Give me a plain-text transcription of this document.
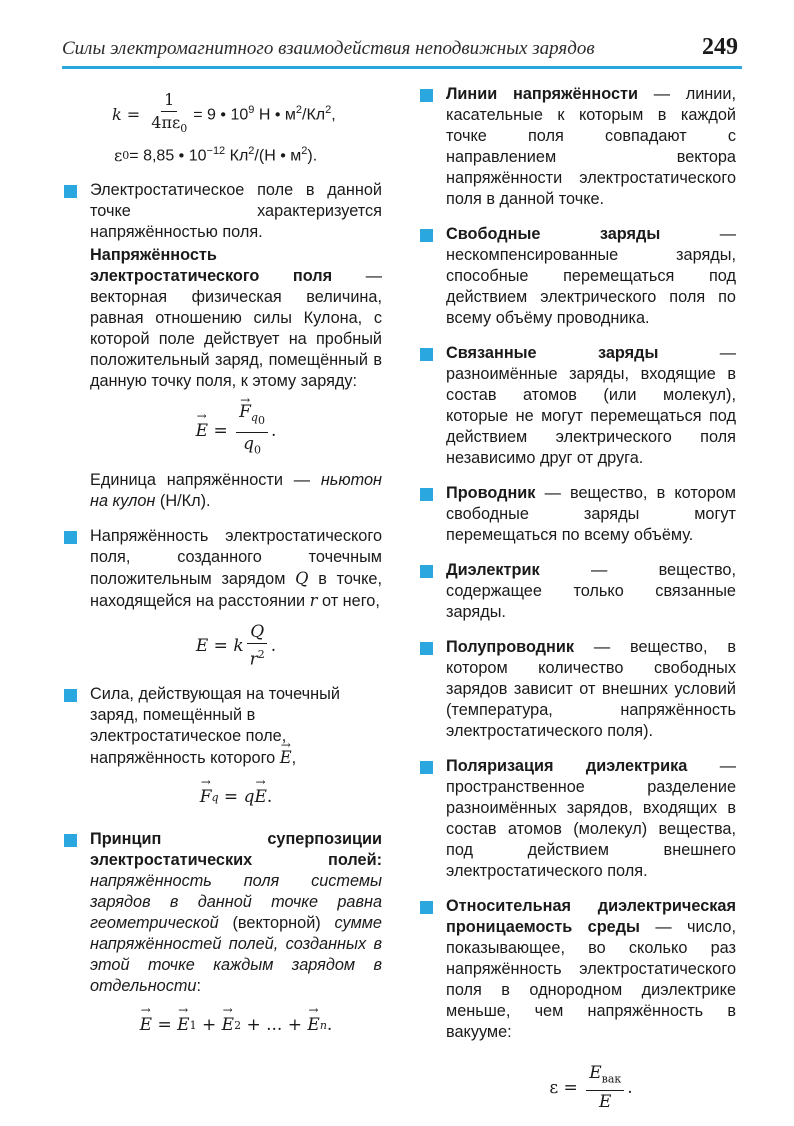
Силы электромагнитного взаимодействия неподвижных зарядов	249
$k = \frac{1}{4\pi\varepsilon_0} = 9$ • $10^9$ Н • $м^2/Кл^2$,
ε 0 = 8,85 • $10^{-12}$ $Кл^2/(Н$ • $м^2$).

Электростатическое поле в данной точке характеризуется напряжённостью поля.

Напряжённость электростатического поля — векторная физическая величина, равная отношению силы Кулона, с которой поле действует на пробный положительный заряд, помещённый в данную точку поля, к этому заряду:

→ E = → $\frac{F_{q_0}}{q_0}$ .

Единица напряжённости — ньютон на кулон (Н/Кл).

Напряжённость электростатического поля, созданного точечным положительным зарядом Q в точке, находящейся на расстоянии r от него,

E = k $\frac{Q}{r^2}$ .

Сила, действующая на точечный заряд, помещённый в электростатическое поле, напряжённость которого → E,

→ F q = q → E .

Принцип суперпозиции электростатических полей: напряжённость поля системы зарядов в данной точке равна геометрической (векторной) сумме напряжённостей полей, созданных в этой точке каждым зарядом в отдельности:

→ E = → E 1 + → E 2 + ... + → E n .

Линии напряжённости — линии, касательные к которым в каждой точке поля совпадают с направлением вектора напряжённости электростатического поля в данной точке.

Свободные заряды — нескомпенсированные заряды, способные перемещаться под действием электрического поля по всему объёму проводника.

Связанные заряды — разноимённые заряды, входящие в состав атомов (или молекул), которые не могут перемещаться под действием электрического поля независимо друг от друга.

Проводник — вещество, в котором свободные заряды могут перемещаться по всему объёму.

Диэлектрик — вещество, содержащее только связанные заряды.

Полупроводник — вещество, в котором количество свободных зарядов зависит от внешних условий (температура, напряжённость электростатического поля).

Поляризация диэлектрика — пространственное разделение разноимённых зарядов, входящих в состав атомов (молекул) вещества, под действием внешнего электростатического поля.

Относительная диэлектрическая проницаемость среды — число, показывающее, во сколько раз напряжённость электростатического поля в однородном диэлектрике меньше, чем напряжённость в вакууме:

ε =
$\frac{E_{вак}}{E}$ .
